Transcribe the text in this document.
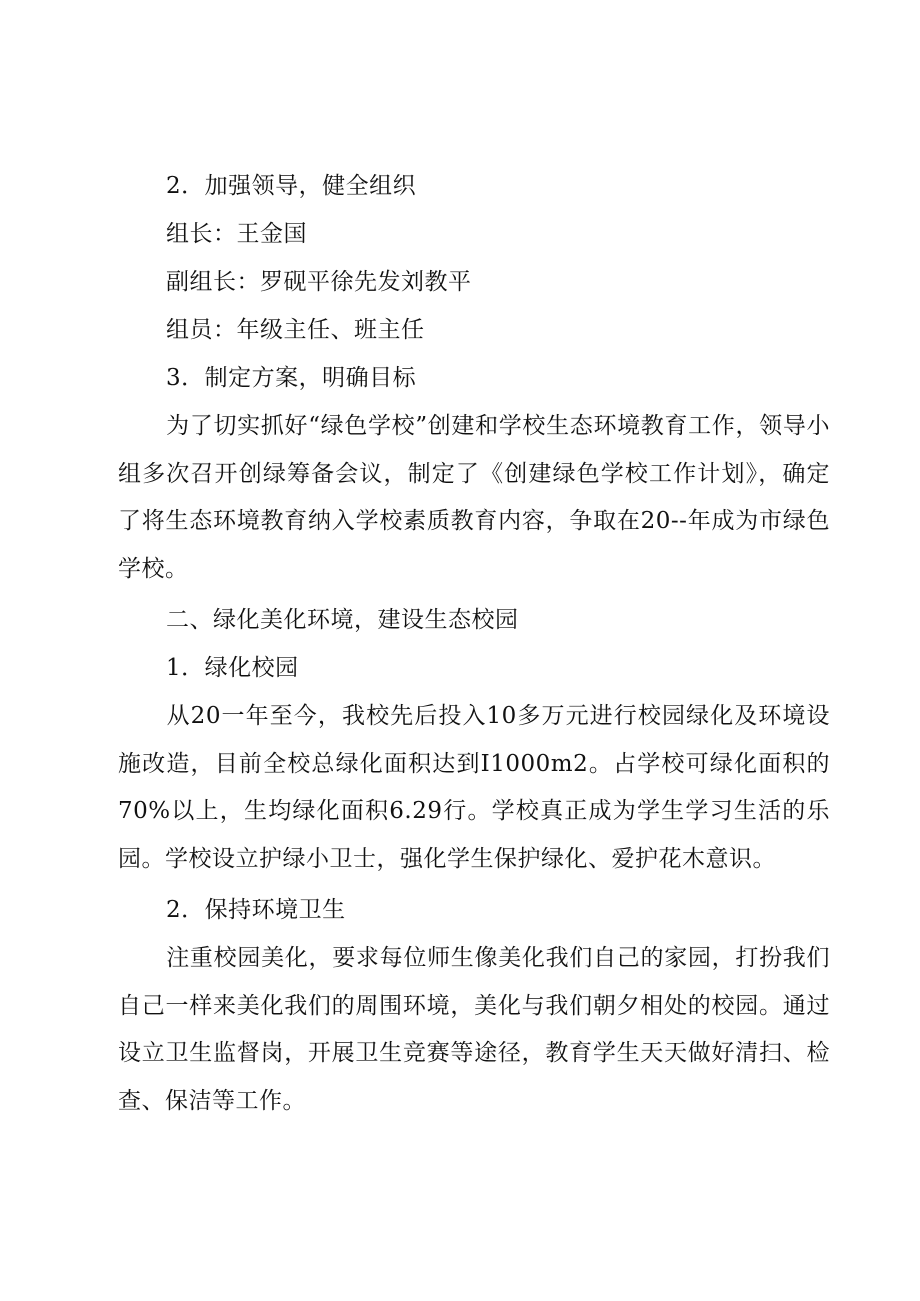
2．加强领导，健全组织
组长：王金国
副组长：罗砚平徐先发刘教平
组员：年级主任、班主任
3．制定方案，明确目标
为了切实抓好“绿色学校”创建和学校生态环境教育工作，领导小组多次召开创绿筹备会议，制定了《创建绿色学校工作计划》，确定了将生态环境教育纳入学校素质教育内容，争取在20--年成为市绿色学校。
二、绿化美化环境，建设生态校园
1．绿化校园
从20一年至今，我校先后投入10多万元进行校园绿化及环境设施改造，目前全校总绿化面积达到I1000m2。占学校可绿化面积的70%以上，生均绿化面积6.29行。学校真正成为学生学习生活的乐园。学校设立护绿小卫士，强化学生保护绿化、爱护花木意识。
2．保持环境卫生
注重校园美化，要求每位师生像美化我们自己的家园，打扮我们自己一样来美化我们的周围环境，美化与我们朝夕相处的校园。通过设立卫生监督岗，开展卫生竞赛等途径，教育学生天天做好清扫、检查、保洁等工作。
